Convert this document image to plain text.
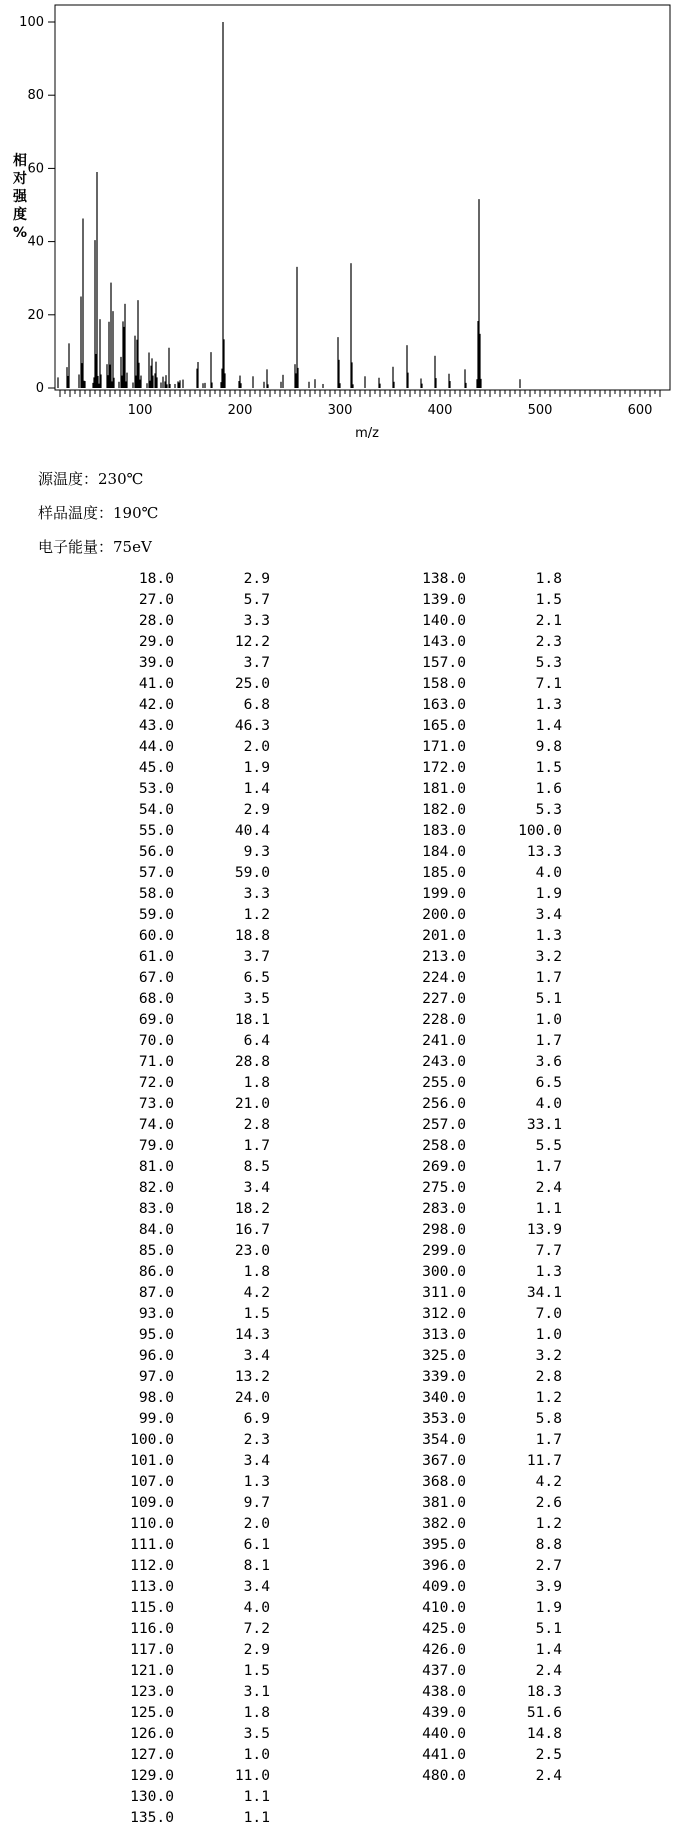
100	200	300	400	500	600
0
20
40
60
80
100
m/z
相对强度%
源温度：230℃
样品温度：190℃
电子能量：75eV
18.0	2.9
27.0	5.7
28.0	3.3
29.0	12.2
39.0	3.7
41.0	25.0
42.0	6.8
43.0	46.3
44.0	2.0
45.0	1.9
53.0	1.4
54.0	2.9
55.0	40.4
56.0	9.3
57.0	59.0
58.0	3.3
59.0	1.2
60.0	18.8
61.0	3.7
67.0	6.5
68.0	3.5
69.0	18.1
70.0	6.4
71.0	28.8
72.0	1.8
73.0	21.0
74.0	2.8
79.0	1.7
81.0	8.5
82.0	3.4
83.0	18.2
84.0	16.7
85.0	23.0
86.0	1.8
87.0	4.2
93.0	1.5
95.0	14.3
96.0	3.4
97.0	13.2
98.0	24.0
99.0	6.9
100.0	2.3
101.0	3.4
107.0	1.3
109.0	9.7
110.0	2.0
111.0	6.1
112.0	8.1
113.0	3.4
115.0	4.0
116.0	7.2
117.0	2.9
121.0	1.5
123.0	3.1
125.0	1.8
126.0	3.5
127.0	1.0
129.0	11.0
130.0	1.1
135.0	1.1
138.0	1.8
139.0	1.5
140.0	2.1
143.0	2.3
157.0	5.3
158.0	7.1
163.0	1.3
165.0	1.4
171.0	9.8
172.0	1.5
181.0	1.6
182.0	5.3
183.0	100.0
184.0	13.3
185.0	4.0
199.0	1.9
200.0	3.4
201.0	1.3
213.0	3.2
224.0	1.7
227.0	5.1
228.0	1.0
241.0	1.7
243.0	3.6
255.0	6.5
256.0	4.0
257.0	33.1
258.0	5.5
269.0	1.7
275.0	2.4
283.0	1.1
298.0	13.9
299.0	7.7
300.0	1.3
311.0	34.1
312.0	7.0
313.0	1.0
325.0	3.2
339.0	2.8
340.0	1.2
353.0	5.8
354.0	1.7
367.0	11.7
368.0	4.2
381.0	2.6
382.0	1.2
395.0	8.8
396.0	2.7
409.0	3.9
410.0	1.9
425.0	5.1
426.0	1.4
437.0	2.4
438.0	18.3
439.0	51.6
440.0	14.8
441.0	2.5
480.0	2.4
